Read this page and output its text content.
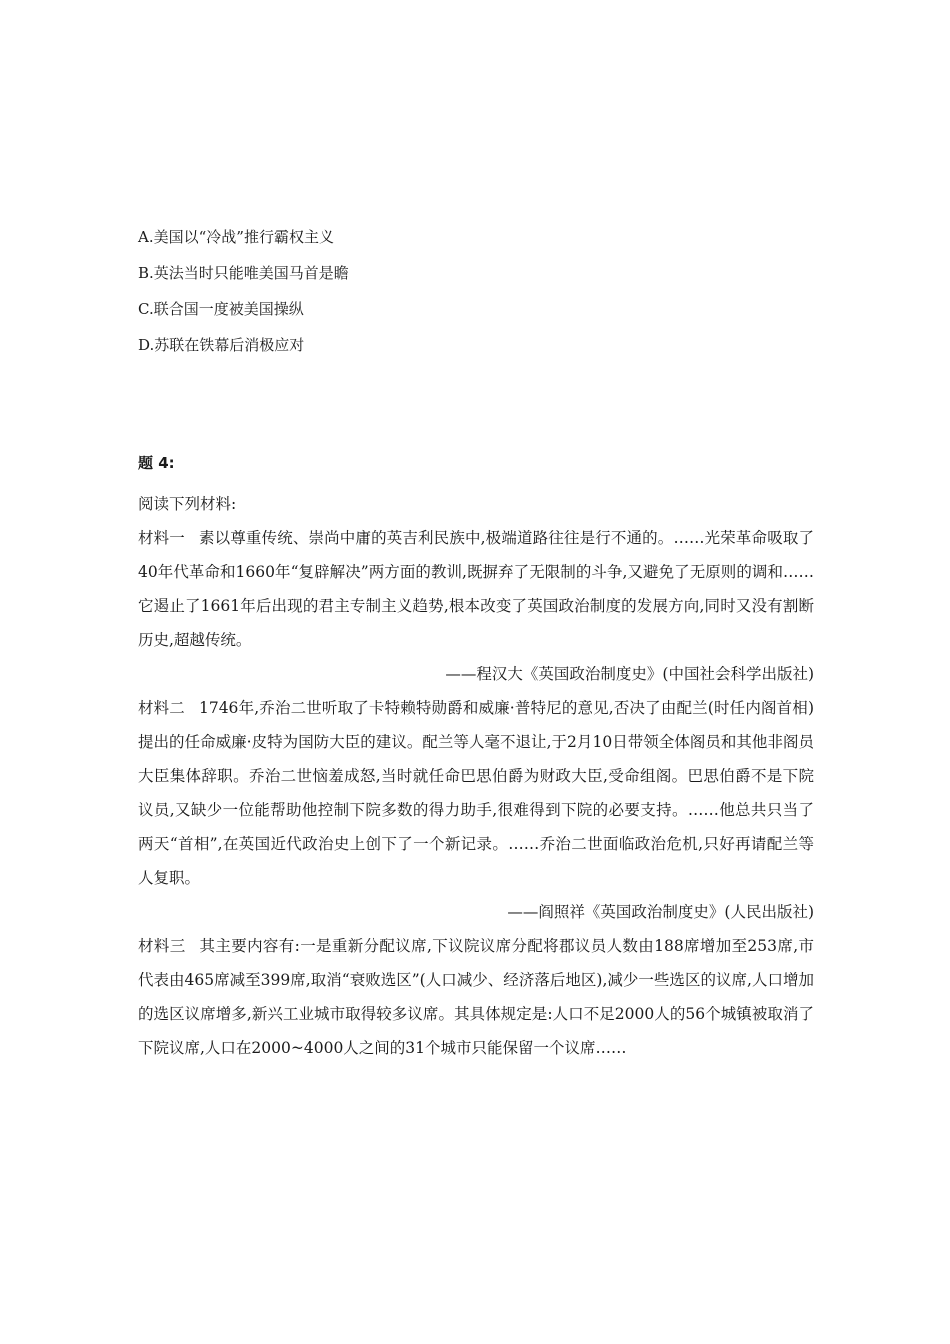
A.美国以“冷战”推行霸权主义
B.英法当时只能唯美国马首是瞻
C.联合国一度被美国操纵
D.苏联在铁幕后消极应对
题 4:

阅读下列材料:

材料一 素以尊重传统、崇尚中庸的英吉利民族中,极端道路往往是行不通的。……光荣革命吸取了40年代革命和1660年“复辟解决”两方面的教训,既摒弃了无限制的斗争,又避免了无原则的调和……它遏止了1661年后出现的君主专制主义趋势,根本改变了英国政治制度的发展方向,同时又没有割断历史,超越传统。

——程汉大《英国政治制度史》(中国社会科学出版社)

材料二 1746年,乔治二世听取了卡特赖特勋爵和威廉·普特尼的意见,否决了由配兰(时任内阁首相)提出的任命威廉·皮特为国防大臣的建议。配兰等人毫不退让,于2月10日带领全体阁员和其他非阁员大臣集体辞职。乔治二世恼羞成怒,当时就任命巴思伯爵为财政大臣,受命组阁。巴思伯爵不是下院议员,又缺少一位能帮助他控制下院多数的得力助手,很难得到下院的必要支持。……他总共只当了两天“首相”,在英国近代政治史上创下了一个新记录。……乔治二世面临政治危机,只好再请配兰等人复职。

——阎照祥《英国政治制度史》(人民出版社)

材料三 其主要内容有:一是重新分配议席,下议院议席分配将郡议员人数由188席增加至253席,市代表由465席减至399席,取消“衰败选区”(人口减少、经济落后地区),减少一些选区的议席,人口增加的选区议席增多,新兴工业城市取得较多议席。其具体规定是:人口不足2000人的56个城镇被取消了下院议席,人口在2000~4000人之间的31个城市只能保留一个议席……
